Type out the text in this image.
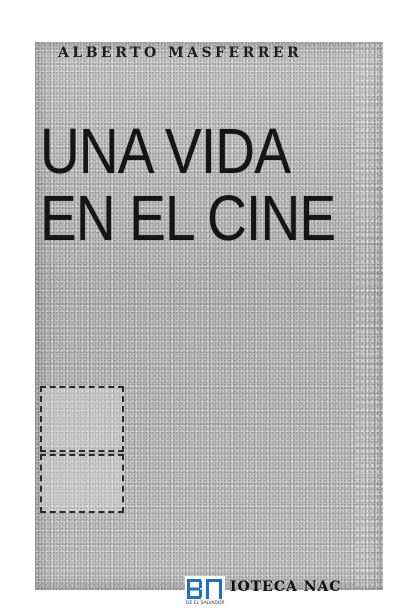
ALBERTO MASFERRER
UNA VIDA
EN EL CINE
DE EL SALVADOR
IOTECA NAC
